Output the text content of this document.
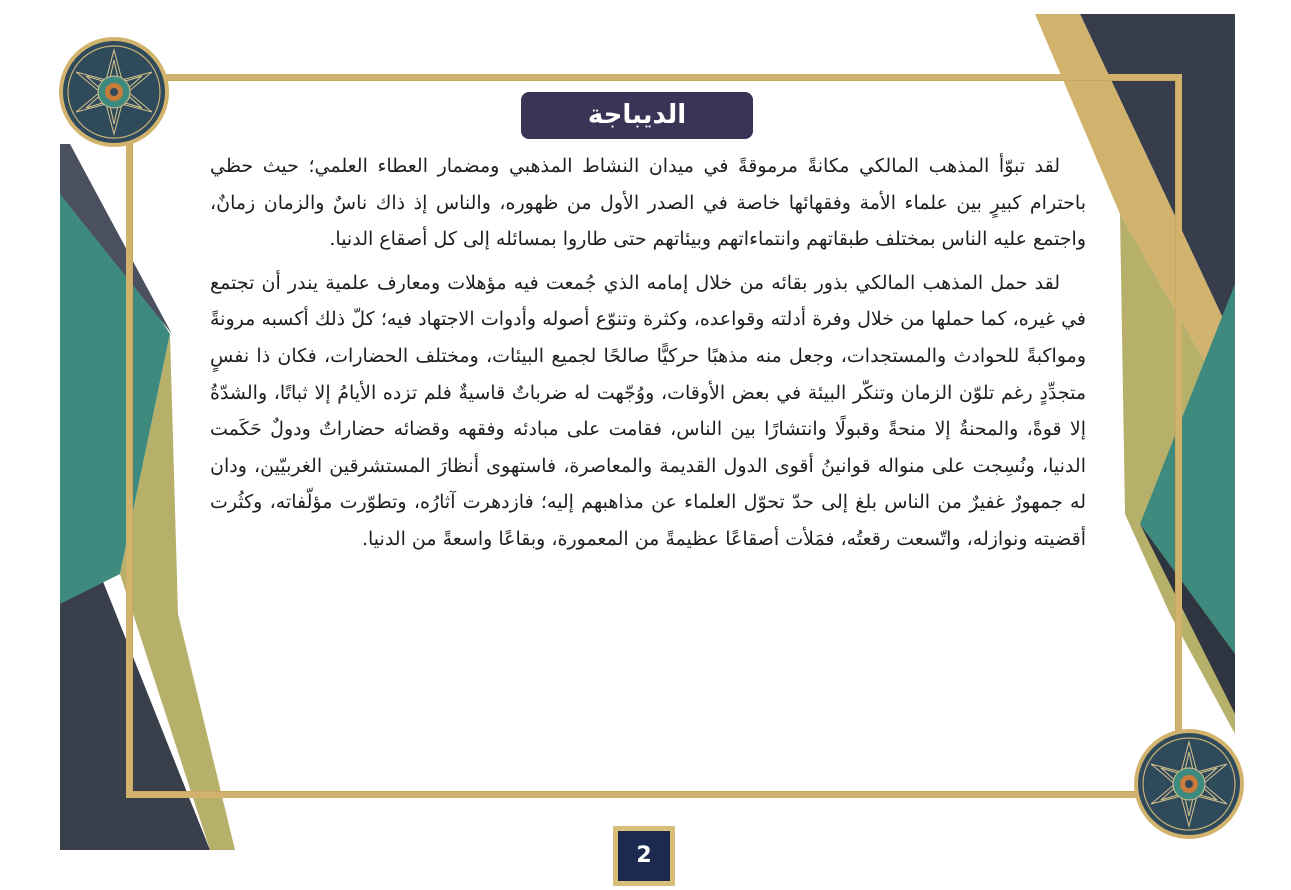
الديباجة

لقد تبوّأ المذهب المالكي مكانةً مرموقةً في ميدان النشاط المذهبي ومضمار العطاء العلمي؛ حيث حظي باحترام كبيرٍ بين علماء الأمة وفقهائها خاصة في الصدر الأول من ظهوره، والناس إذ ذاك ناسٌ والزمان زمانٌ، واجتمع عليه الناس بمختلف طبقاتهم وانتماءاتهم وبيئاتهم حتى طاروا بمسائله إلى كل أصقاع الدنيا.

لقد حمل المذهب المالكي بذور بقائه من خلال إمامه الذي جُمعت فيه مؤهلات ومعارف علمية يندر أن تجتمع في غيره، كما حملها من خلال وفرة أدلته وقواعده، وكثرة وتنوّع أصوله وأدوات الاجتهاد فيه؛ كلّ ذلك أكسبه مرونةً ومواكبةً للحوادث والمستجدات، وجعل منه مذهبًا حركيًّا صالحًا لجميع البيئات، ومختلف الحضارات، فكان ذا نفسٍ متجدِّدٍ رغم تلوّن الزمان وتنكّر البيئة في بعض الأوقات، ووُجّهت له ضرباتٌ قاسيةٌ فلم تزده الأيامُ إلا ثباتًا، والشدّةُ إلا قوةً، والمحنةُ إلا منحةً وقبولًا وانتشارًا بين الناس، فقامت على مبادئه وفقهه وقضائه حضاراتٌ ودولٌ حَكَمت الدنيا، ونُسِجت على منواله قوانينُ أقوى الدول القديمة والمعاصرة، فاستهوى أنظارَ المستشرقين الغربيّين، ودان له جمهورٌ غفيرٌ من الناس بلغ إلى حدّ تحوّل العلماء عن مذاهبهم إليه؛ فازدهرت آثارُه، وتطوّرت مؤلّفاته، وكثُرت أقضيته ونوازله، واتّسعت رقعتُه، فمَلأت أصقاعًا عظيمةً من المعمورة، وبقاعًا واسعةً من الدنيا.

2
